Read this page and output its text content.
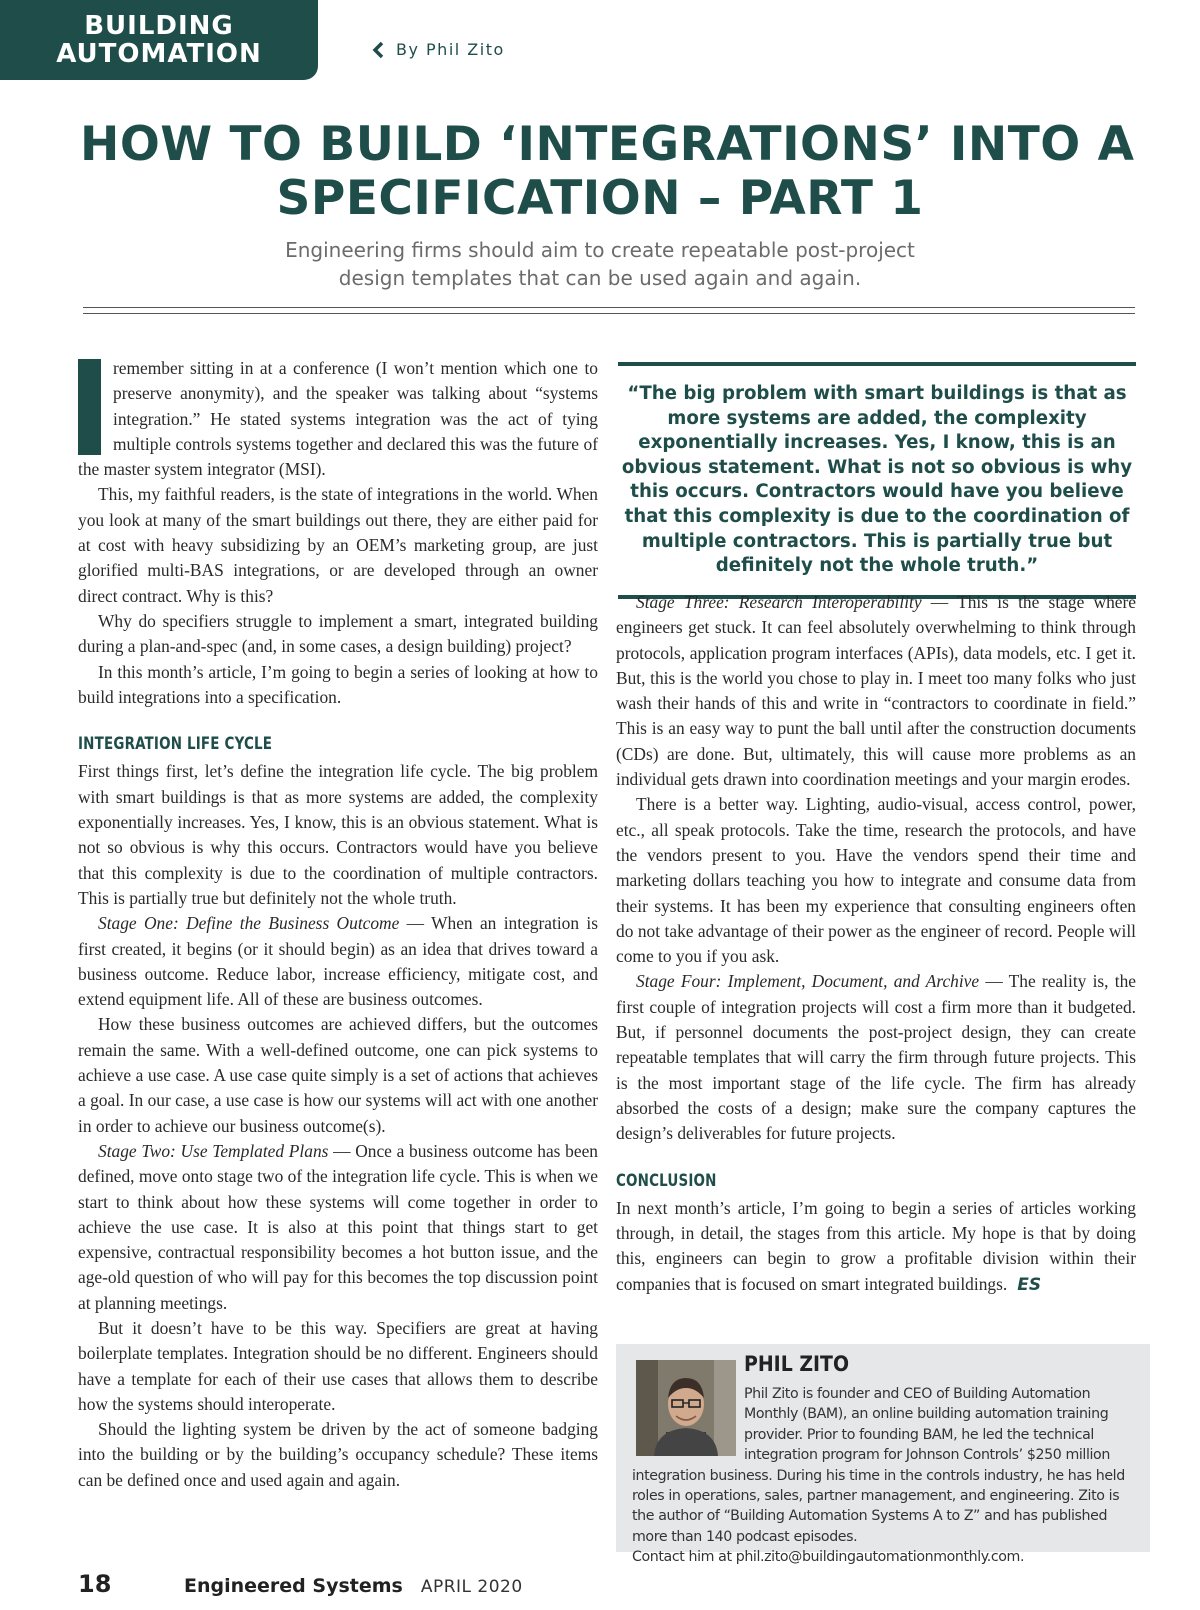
BUILDING
AUTOMATION	By Phil Zito
HOW TO BUILD ‘INTEGRATIONS’ INTO A
SPECIFICATION – PART 1
Engineering firms should aim to create repeatable post-project
design templates that can be used again and again.

remember sitting in at a conference (I won’t mention which one to preserve anonymity), and the speaker was talking about “systems integration.” He stated systems integration was the act of tying multiple controls systems together and declared this was the future of the master system integrator (MSI).

This, my faithful readers, is the state of integrations in the world. When you look at many of the smart buildings out there, they are either paid for at cost with heavy subsidizing by an OEM’s marketing group, are just glorified multi-BAS integrations, or are developed through an owner direct contract. Why is this?

Why do specifiers struggle to implement a smart, integrated building during a plan-and-spec (and, in some cases, a design building) project?

In this month’s article, I’m going to begin a series of looking at how to build integrations into a specification.

INTEGRATION LIFE CYCLE

First things first, let’s define the integration life cycle. The big problem with smart buildings is that as more systems are added, the complexity exponentially increases. Yes, I know, this is an obvious statement. What is not so obvious is why this occurs. Contractors would have you believe that this complexity is due to the coordination of multiple contractors. This is partially true but definitely not the whole truth.

Stage One: Define the Business Outcome — When an integration is first created, it begins (or it should begin) as an idea that drives toward a business outcome. Reduce labor, increase efficiency, mitigate cost, and extend equipment life. All of these are business outcomes.

How these business outcomes are achieved differs, but the outcomes remain the same. With a well-defined outcome, one can pick systems to achieve a use case. A use case quite simply is a set of actions that achieves a goal. In our case, a use case is how our systems will act with one another in order to achieve our business outcome(s).

Stage Two: Use Templated Plans — Once a business outcome has been defined, move onto stage two of the integration life cycle. This is when we start to think about how these systems will come together in order to achieve the use case. It is also at this point that things start to get expensive, contractual responsibility becomes a hot button issue, and the age-old question of who will pay for this becomes the top discussion point at planning meetings.

But it doesn’t have to be this way. Specifiers are great at having boilerplate templates. Integration should be no different. Engineers should have a template for each of their use cases that allows them to describe how the systems should interoperate.

Should the lighting system be driven by the act of someone badging into the building or by the building’s occupancy schedule? These items can be defined once and used again and again.

“The big problem with smart buildings is that as more systems are added, the complexity exponentially increases. Yes, I know, this is an obvious statement. What is not so obvious is why this occurs. Contractors would have you believe that this complexity is due to the coordination of multiple contractors. This is partially true but definitely not the whole truth.”

Stage Three: Research Interoperability — This is the stage where engineers get stuck. It can feel absolutely overwhelming to think through protocols, application program interfaces (APIs), data models, etc. I get it. But, this is the world you chose to play in. I meet too many folks who just wash their hands of this and write in “contractors to coordinate in field.” This is an easy way to punt the ball until after the construction documents (CDs) are done. But, ultimately, this will cause more problems as an individual gets drawn into coordination meetings and your margin erodes.

There is a better way. Lighting, audio-visual, access control, power, etc., all speak protocols. Take the time, research the protocols, and have the vendors present to you. Have the vendors spend their time and marketing dollars teaching you how to integrate and consume data from their systems. It has been my experience that consulting engineers often do not take advantage of their power as the engineer of record. People will come to you if you ask.

Stage Four: Implement, Document, and Archive — The reality is, the first couple of integration projects will cost a firm more than it budgeted. But, if personnel documents the post-project design, they can create repeatable templates that will carry the firm through future projects. This is the most important stage of the life cycle. The firm has already absorbed the costs of a design; make sure the company captures the design’s deliverables for future projects.

CONCLUSION

In next month’s article, I’m going to begin a series of articles working through, in detail, the stages from this article. My hope is that by doing this, engineers can begin to grow a profitable division within their companies that is focused on smart integrated buildings. ES

PHIL ZITO
Phil Zito is founder and CEO of Building Automation Monthly (BAM), an online building automation training provider. Prior to founding BAM, he led the technical integration program for Johnson Controls’ $250 million integration business. During his time in the controls industry, he has held roles in operations, sales, partner management, and engineering. Zito is the author of “Building Automation Systems A to Z” and has published more than 140 podcast episodes.
Contact him at phil.zito@buildingautomationmonthly.com.
18	Engineered Systems APRIL 2020
